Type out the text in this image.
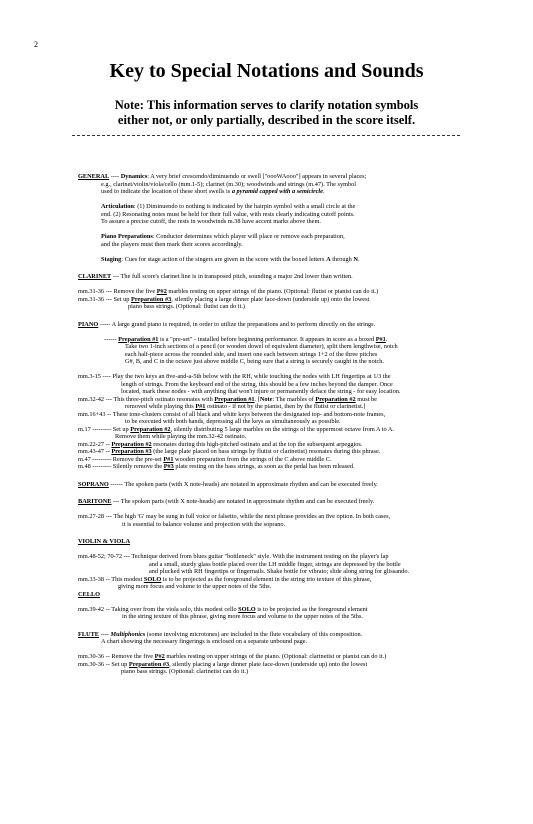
2
Key to Special Notations and Sounds
Note: This information serves to clarify notation symbols
either not, or only partially, described in the score itself.

GENERAL ---- Dynamics: A very brief crescendo/diminuendo or swell ["oooWAooo"] appears in several places;

e.g., clarinet/violin/viola/cello (mm.1-5); clarinet (m.30); woodwinds and strings (m.47). The symbol

used to indicate the location of these short swells is a pyramid capped with a semicircle.

Articulation: (1) Diminuendo to nothing is indicated by the hairpin symbol with a small circle at the

end. (2) Resonating notes must be held for their full value, with rests clearly indicating cutoff points.

To assure a precise cutoff, the rests in woodwinds m.38 have accent marks above them.

Piano Preparations: Conductor determines which player will place or remove each preparation,

and the players must then mark their scores accordingly.

Staging: Cues for stage action of the singers are given in the score with the boxed letters A through N.

CLARINET --- The full score's clarinet line is in transposed pitch, sounding a major 2nd lower than written.

mm.31-36 --- Remove the five P#2 marbles resting on upper strings of the piano. (Optional: flutist or pianist can do it.)

mm.31-36 --- Set up Preparation #3, silently placing a large dinner plate face-down (underside up) onto the lowest

piano bass strings. (Optional: flutist can do it.)

PIANO ----- A large grand piano is required, in order to utilize the preparations and to perform directly on the strings.

------ Preparation #1 is a "pre-set" - installed before beginning performance. It appears in score as a boxed P#1.

Take two 1-inch sections of a pencil (or wooden dowel of equivalent diameter), split them lengthwise, notch

each half-piece across the rounded side, and insert one each between strings 1+2 of the three pitches

G#, B, and C in the octave just above middle C, being sure that a string is securely caught in the notch.

mm.3-15 ---- Play the two keys an 8ve-and-a-5th below with the RH, while touching the nodes with LH fingertips at 1/3 the

length of strings. From the keyboard end of the string, this should be a few inches beyond the damper. Once

located, mark these nodes - with anything that won't injure or permanently deface the string - for easy location.

mm.32-42 --- This three-pitch ostinato resonates with Preparation #1. [Note: The marbles of Preparation #2 must be

removed while playing this P#1 ostinato - if not by the pianist, then by the flutist or clarinetist.]

mm.16+43 -- These tone-clusters consist of all black and white keys between the designated top- and bottom-note frames,

to be executed with both hands, depressing all the keys as simultaneously as possible.

m.17 --------- Set up Preparation #2, silently distributing 5 large marbles on the strings of the uppermost octave from A to A.

Remove them while playing the mm.32-42 ostinato.

mm.22-27 -- Preparation #2 resonates during this high-pitched ostinato and at the top the subsequent arpeggios.

mm.43-47 -- Preparation #3 (the large plate placed on bass strings by flutist or clarinetist) resonates during this phrase.

m.47 --------- Remove the pre-set P#1 wooden preparation from the strings of the C above middle C.

m.48 --------- Silently remove the P#3 plate resting on the bass strings, as soon as the pedal has been released.

SOPRANO ------ The spoken parts (with X note-heads) are notated in approximate rhythm and can be executed freely.

BARITONE --- The spoken parts (with X note-heads) are notated in approximate rhythm and can be executed freely.

mm.27-28 --- The high 'G' may be sung in full voice or falsetto, while the next phrase provides an 8ve option. In both cases,

it is essential to balance volume and projection with the soprano.

VIOLIN & VIOLA

mm.48-52; 70-72 --- Technique derived from blues guitar "bottleneck" style. With the instrument resting on the player's lap

and a small, sturdy glass bottle placed over the LH middle finger, strings are depressed by the bottle

and plucked with RH fingertips or fingernails. Shake bottle for vibrato; slide along string for glissando.

mm.33-38 -- This modest SOLO is to be projected as the foreground element in the string trio texture of this phrase,

giving more focus and volume to the upper notes of the 5ths.

CELLO

mm.39-42 -- Taking over from the viola solo, this modest cello SOLO is to be projected as the foreground element

in the string texture of this phrase, giving more focus and volume to the upper notes of the 5ths.

FLUTE ---- Multiphonics (some involving microtones) are included in the flute vocabulary of this composition.

A chart showing the necessary fingerings is enclosed on a separate unbound page.

mm.30-36 -- Remove the five P#2 marbles resting on upper strings of the piano. (Optional: clarinetist or pianist can do it.)

mm.30-36 -- Set up Preparation #3, silently placing a large dinner plate face-down (underside up) onto the lowest

piano bass strings. (Optional: clarinetist can do it.)
